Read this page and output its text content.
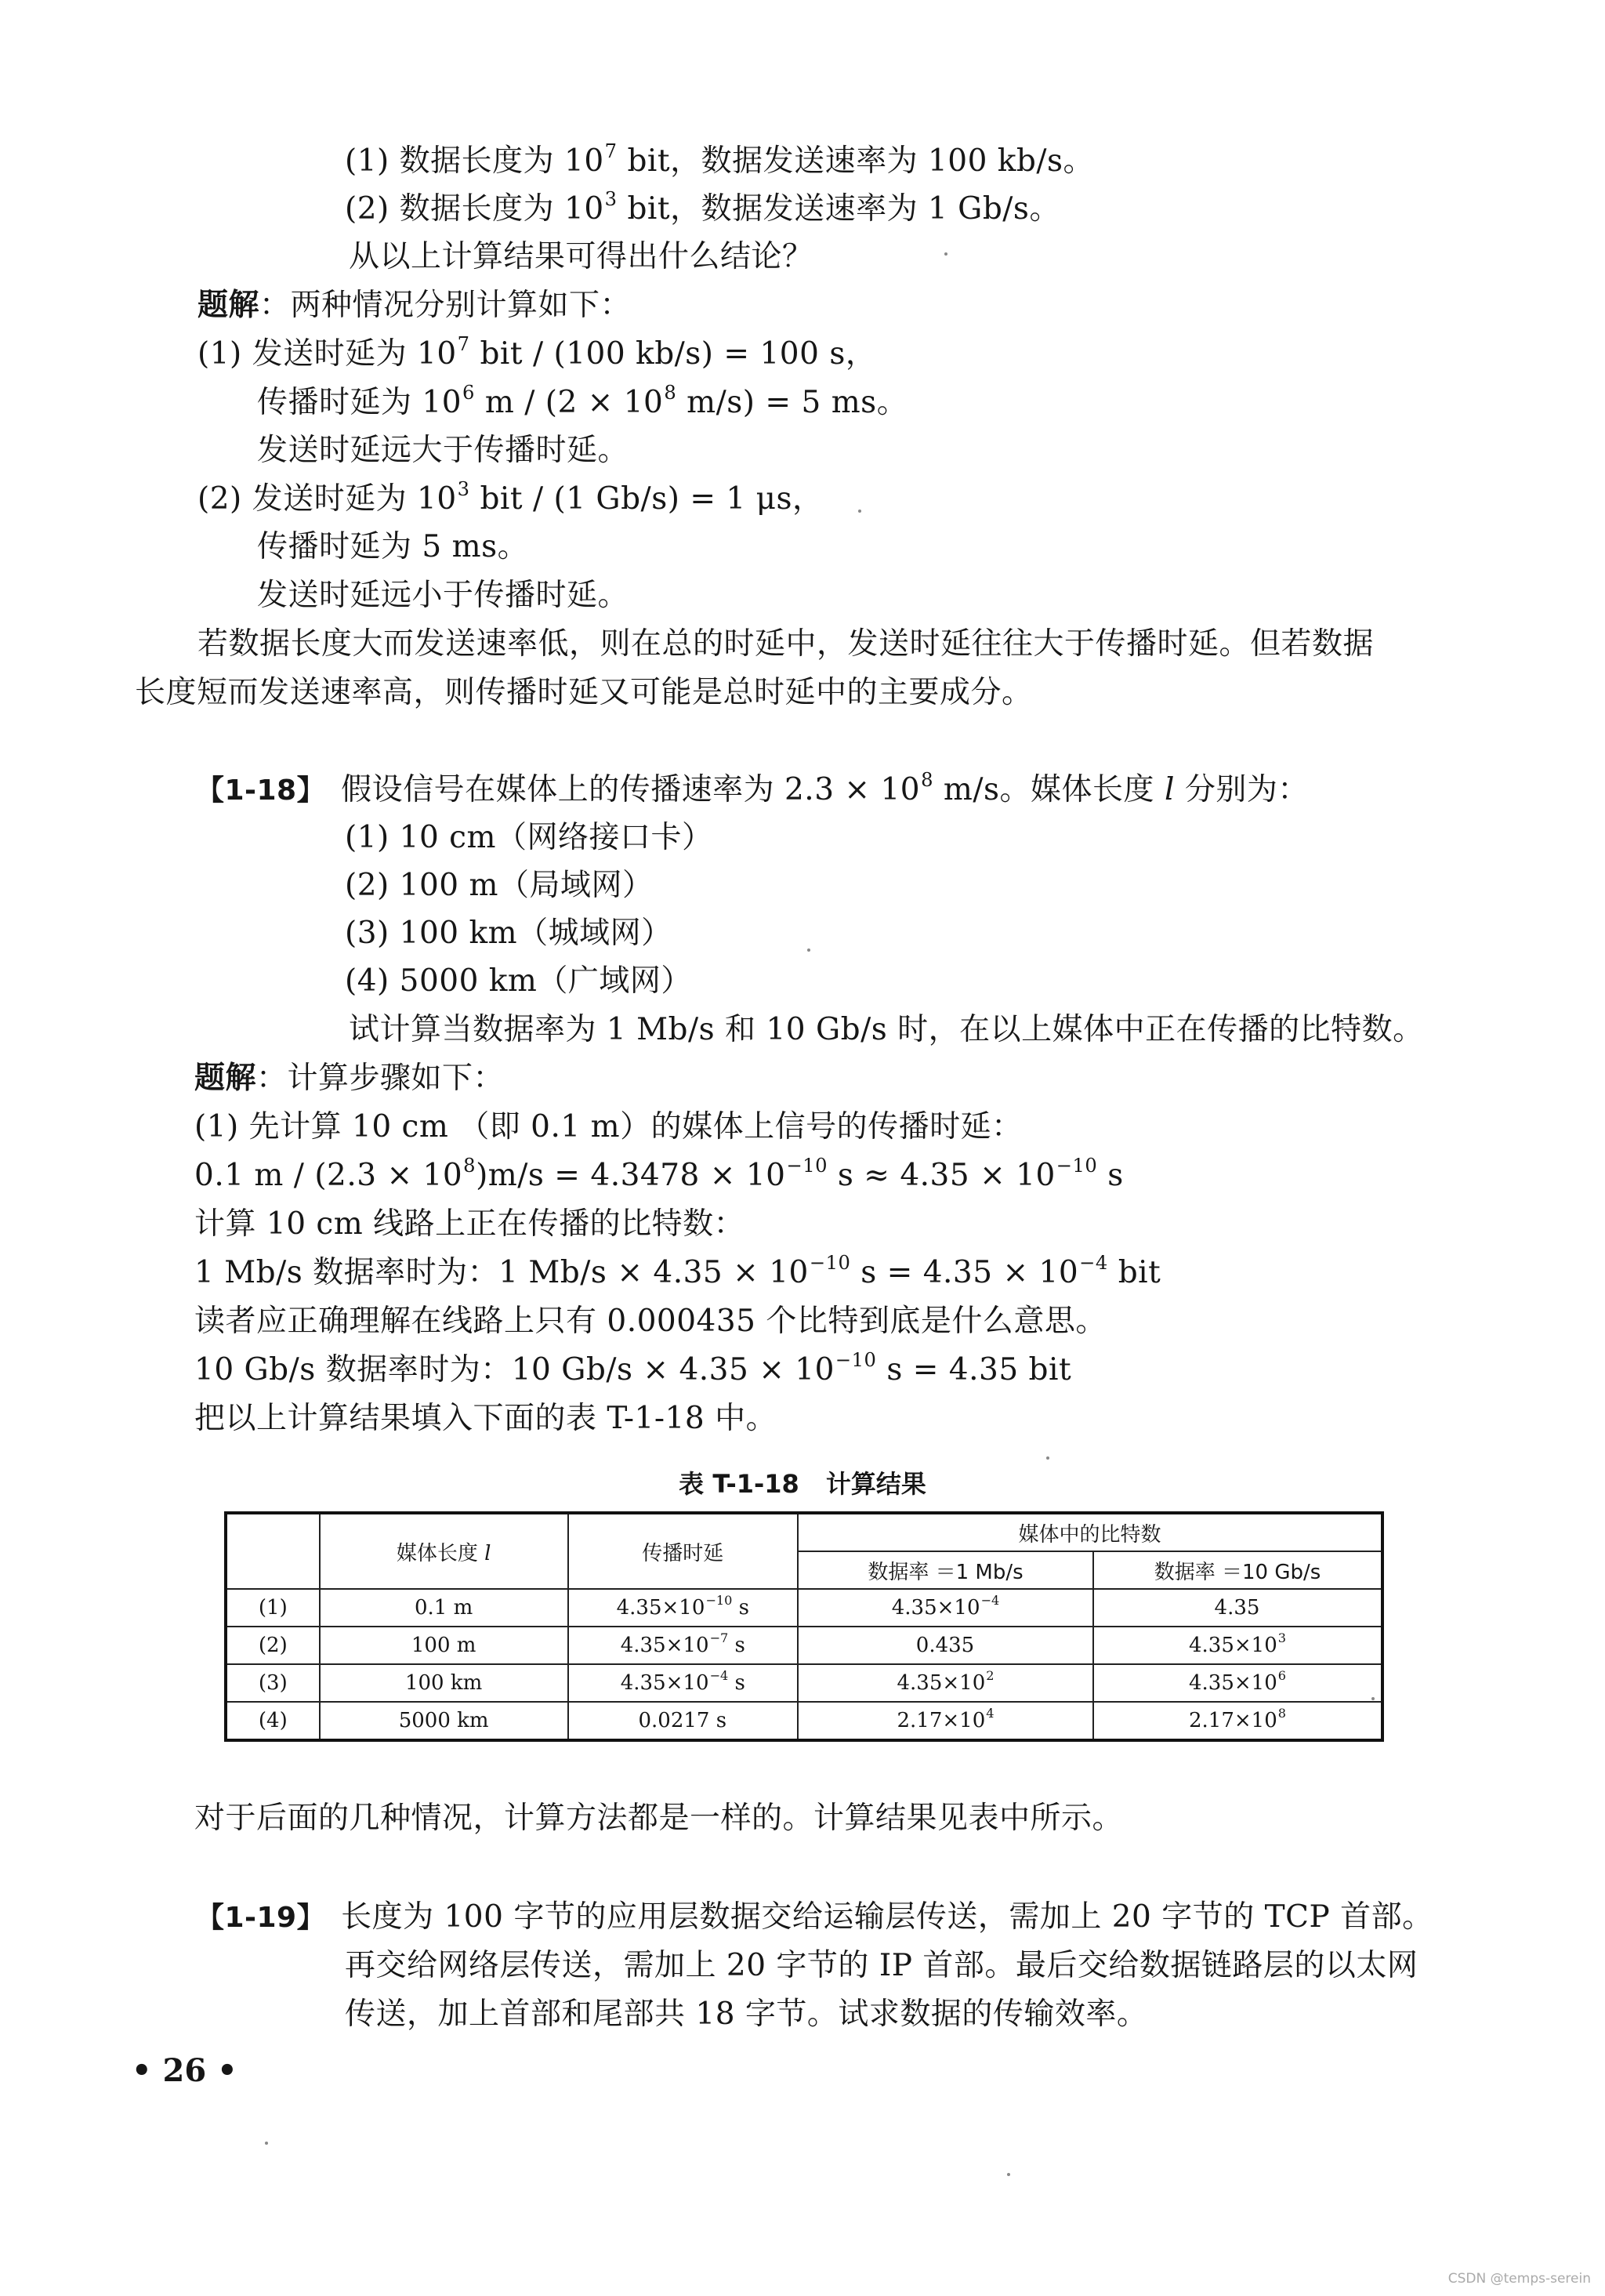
(1) 数据长度为 $10^7$ bit，数据发送速率为 100 kb/s。
(2) 数据长度为 $10^3$ bit，数据发送速率为 1 Gb/s。
从以上计算结果可得出什么结论？
题解：两种情况分别计算如下：
(1) 发送时延为 $10^7$ bit / (100 kb/s) = 100 s，
传播时延为 $10^6$ $m / (2 \times 10^8$ m/s) = 5 ms。
发送时延远大于传播时延。
(2) 发送时延为 $10^3$ bit / (1 Gb/s) = 1 μs，
传播时延为 5 ms。
发送时延远小于传播时延。
若数据长度大而发送速率低，则在总的时延中，发送时延往往大于传播时延。但若数据
长度短而发送速率高，则传播时延又可能是总时延中的主要成分。
【1-18】 假设信号在媒体上的传播速率为 $2.3 \times 10^8$ m/s。媒体长度 l 分别为：
(1) 10 cm（网络接口卡）
(2) 100 m（局域网）
(3) 100 km（城域网）
(4) 5000 km（广域网）
试计算当数据率为 1 Mb/s 和 10 Gb/s 时，在以上媒体中正在传播的比特数。
题解：计算步骤如下：
(1) 先计算 10 cm （即 0.1 m）的媒体上信号的传播时延：
0.1 $m / (2.3 \times 10^8)m/s = 4.3478 \times 10^{-10}$ $s \approx 4.35 \times 10^{-10}$ s
计算 10 cm 线路上正在传播的比特数：
1 Mb/s 数据率时为：1 $Mb/s \times 4.35 \times 10^{-10}$ $s = 4.35 \times 10^{-4}$ bit
读者应正确理解在线路上只有 0.000435 个比特到底是什么意思。
10 Gb/s 数据率时为：10 $Gb/s \times 4.35 \times 10^{-10}$ s = 4.35 bit
把以上计算结果填入下面的表 T-1-18 中。
表 T-1-18 计算结果
	媒体长度 l	传播时延	媒体中的比特数	
			数据率 ＝1 Mb/s	数据率 ＝10 Gb/s
(1)	0.1 m	$4.35\times 10^{-10}$ s	$4.35\times 10^{-4}$	4.35
(2)	100 m	$4.35\times 10^{-7}$ s	0.435	$4.35\times 10^3$
(3)	100 km	$4.35\times 10^{-4}$ s	$4.35\times 10^2$	$4.35\times 10^6$
(4)	5000 km	0.0217 s	$2.17\times 10^4$	$2.17\times 10^8$
对于后面的几种情况，计算方法都是一样的。计算结果见表中所示。
【1-19】 长度为 100 字节的应用层数据交给运输层传送，需加上 20 字节的 TCP 首部。
再交给网络层传送，需加上 20 字节的 IP 首部。最后交给数据链路层的以太网
传送，加上首部和尾部共 18 字节。试求数据的传输效率。
• 26 •
CSDN @temps-serein
